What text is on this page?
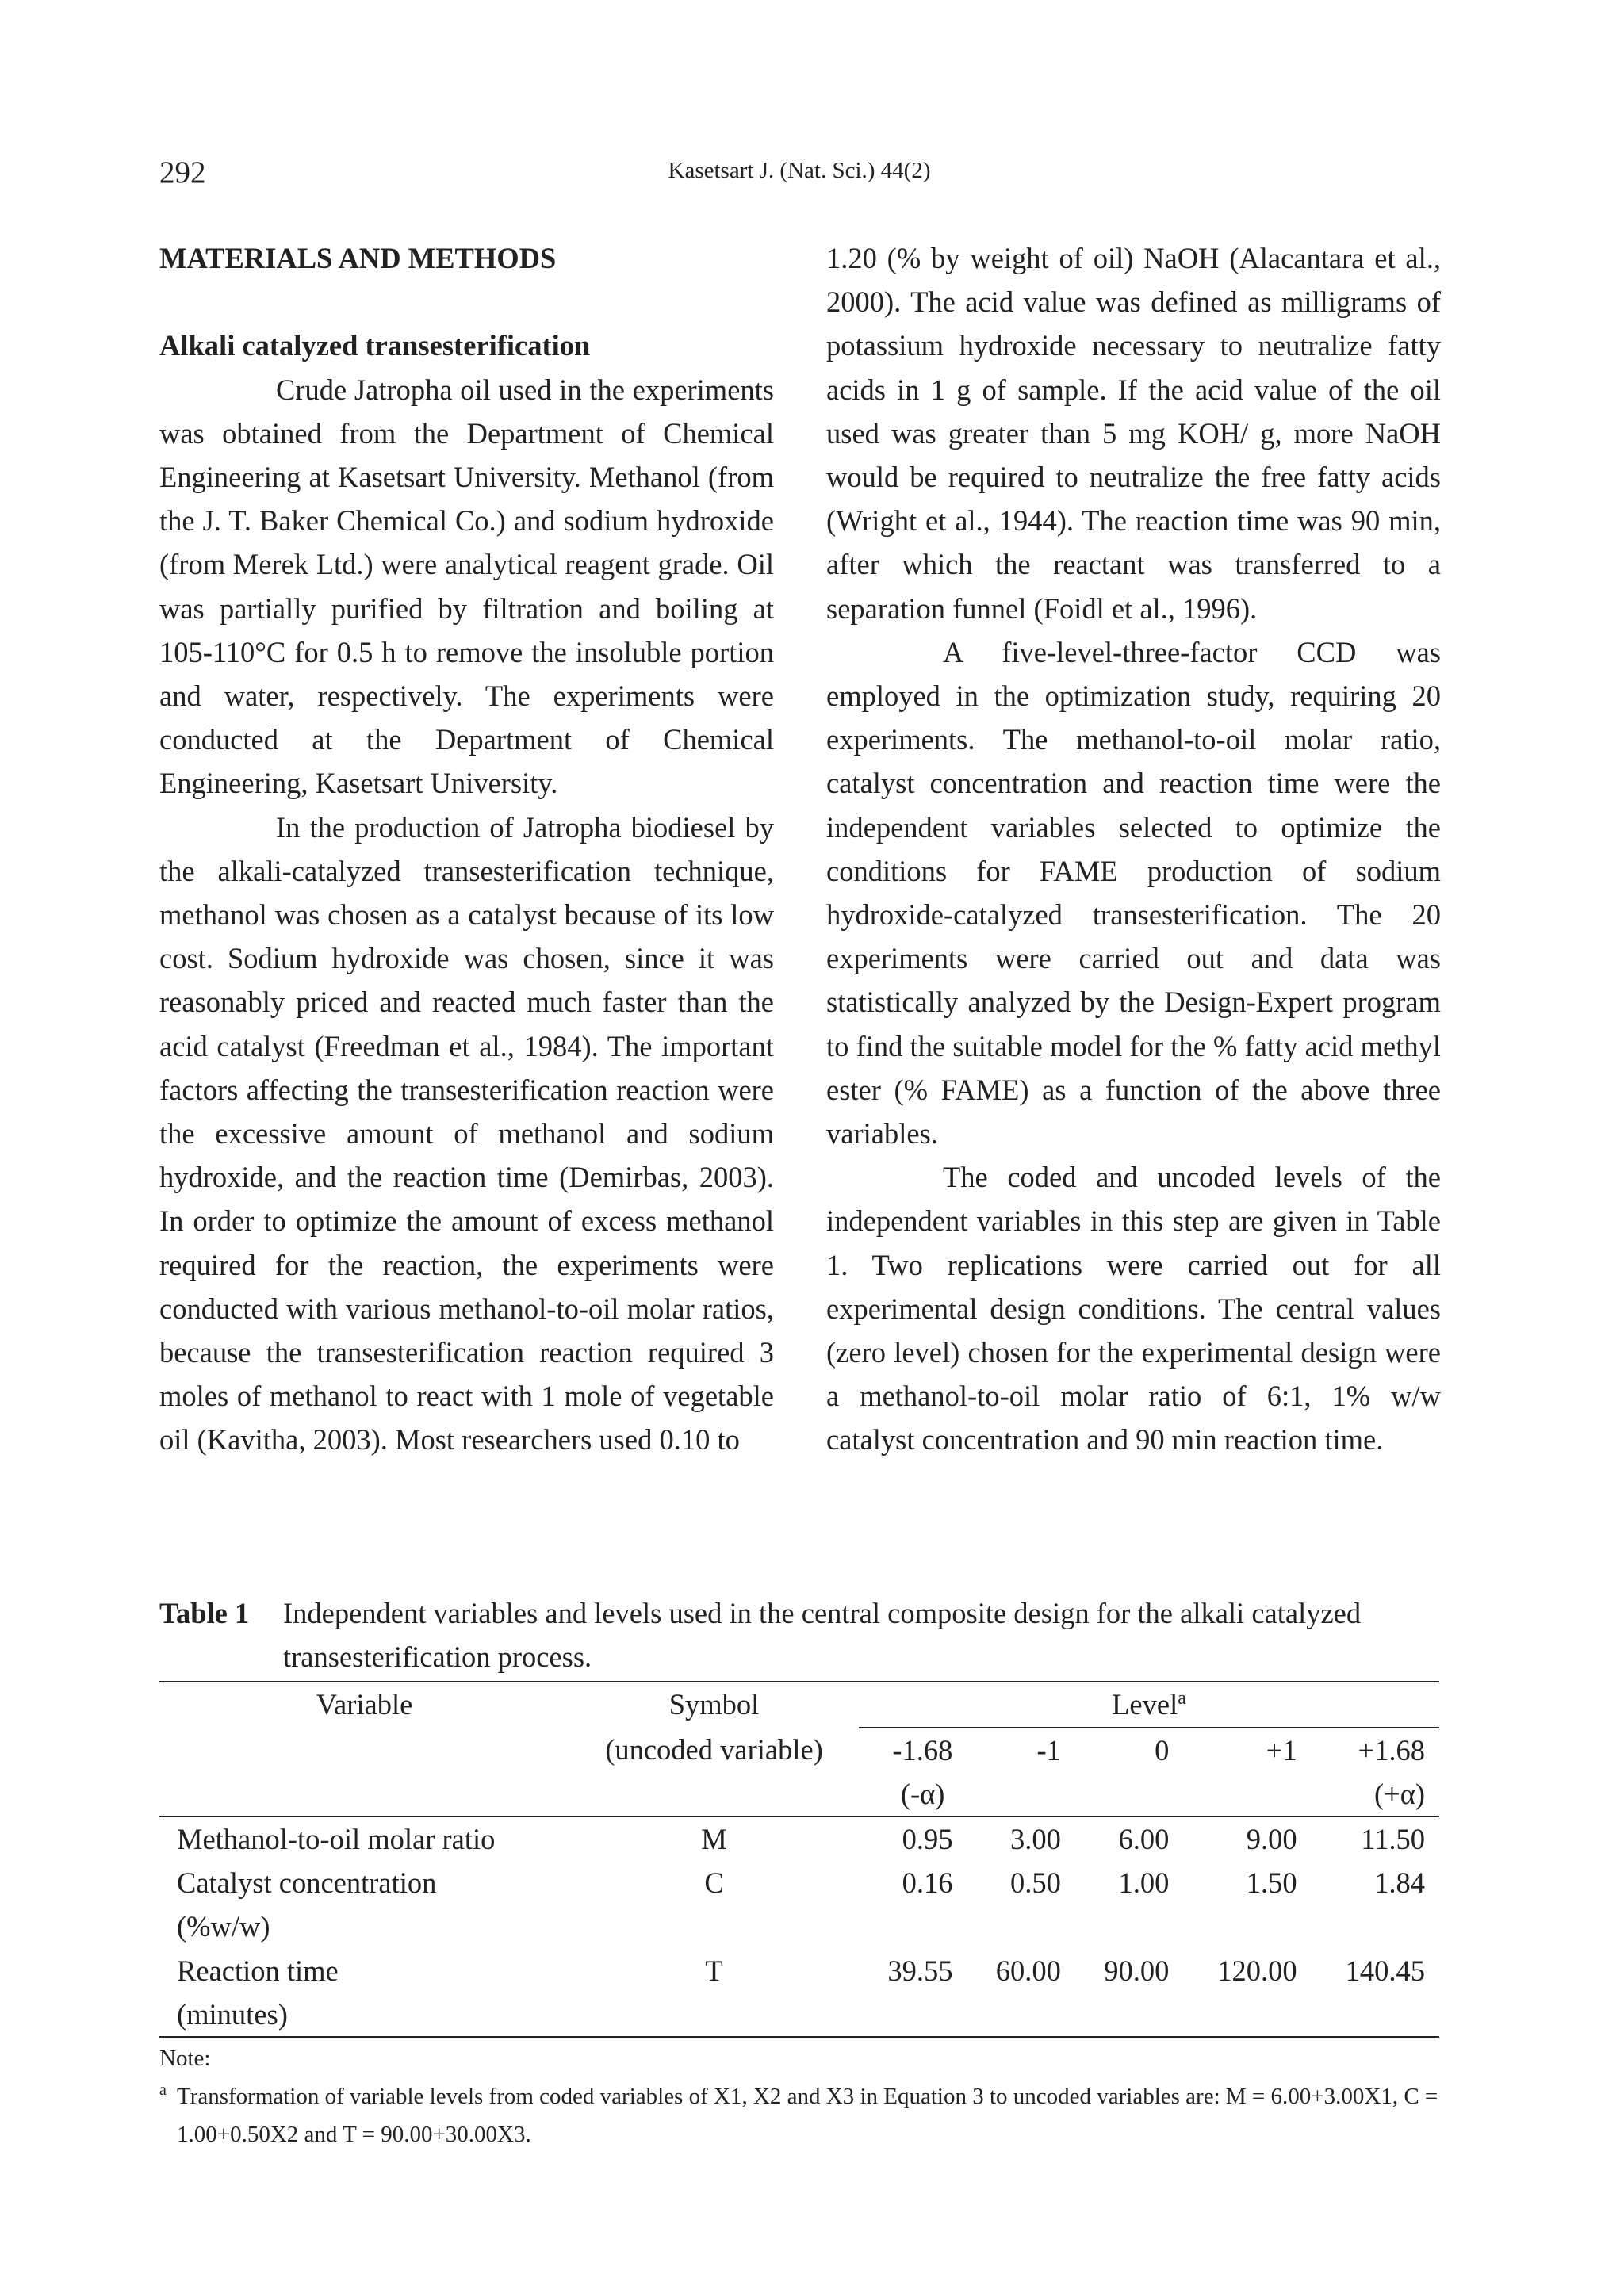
292	Kasetsart J. (Nat. Sci.) 44(2)

MATERIALS AND METHODS

Alkali catalyzed transesterification

Crude Jatropha oil used in the experiments was obtained from the Department of Chemical Engineering at Kasetsart University. Methanol (from the J. T. Baker Chemical Co.) and sodium hydroxide (from Merek Ltd.) were analytical reagent grade. Oil was partially purified by filtration and boiling at 105-110°C for 0.5 h to remove the insoluble portion and water, respectively. The experiments were conducted at the Department of Chemical Engineering, Kasetsart University.

In the production of Jatropha biodiesel by the alkali-catalyzed transesterification technique, methanol was chosen as a catalyst because of its low cost. Sodium hydroxide was chosen, since it was reasonably priced and reacted much faster than the acid catalyst (Freedman et al., 1984). The important factors affecting the transesterification reaction were the excessive amount of methanol and sodium hydroxide, and the reaction time (Demirbas, 2003). In order to optimize the amount of excess methanol required for the reaction, the experiments were conducted with various methanol-to-oil molar ratios, because the transesterification reaction required 3 moles of methanol to react with 1 mole of vegetable oil (Kavitha, 2003). Most researchers used 0.10 to

1.20 (% by weight of oil) NaOH (Alacantara et al., 2000). The acid value was defined as milligrams of potassium hydroxide necessary to neutralize fatty acids in 1 g of sample. If the acid value of the oil used was greater than 5 mg KOH/ g, more NaOH would be required to neutralize the free fatty acids (Wright et al., 1944). The reaction time was 90 min, after which the reactant was transferred to a separation funnel (Foidl et al., 1996).

A five-level-three-factor CCD was employed in the optimization study, requiring 20 experiments. The methanol-to-oil molar ratio, catalyst concentration and reaction time were the independent variables selected to optimize the conditions for FAME production of sodium hydroxide-catalyzed transesterification. The 20 experiments were carried out and data was statistically analyzed by the Design-Expert program to find the suitable model for the % fatty acid methyl ester (% FAME) as a function of the above three variables.

The coded and uncoded levels of the independent variables in this step are given in Table 1. Two replications were carried out for all experimental design conditions. The central values (zero level) chosen for the experimental design were a methanol-to-oil molar ratio of 6:1, 1% w/w catalyst concentration and 90 min reaction time.

Table 1 Independent variables and levels used in the central composite design for the alkali catalyzed transesterification process.
Variable	Symbol	Level$^a$
	(uncoded variable)	-1.68	-1	0	+1	+1.68
		(-α)				(+α)
Methanol-to-oil molar ratio	M	0.95	3.00	6.00	9.00	11.50
Catalyst concentration
(%w/w)	C	0.16	0.50	1.00	1.50	1.84
Reaction time
(minutes)	T	39.55	60.00	90.00	120.00	140.45
Note:
a Transformation of variable levels from coded variables of X1, X2 and X3 in Equation 3 to uncoded variables are: M = 6.00+3.00X1, C = 1.00+0.50X2 and T = 90.00+30.00X3.
